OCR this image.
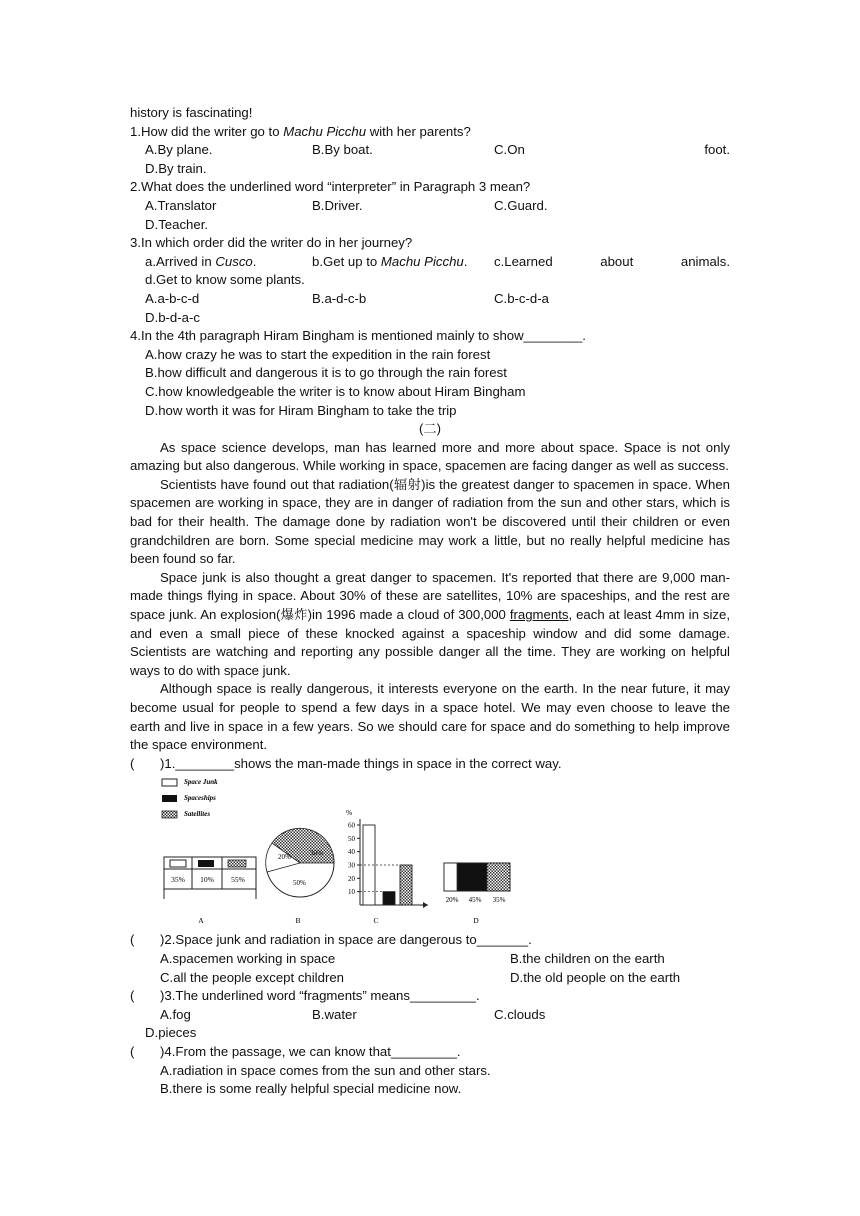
history is fascinating!
1.How did the writer go to Machu Picchu with her parents?
A.By plane.	B.By boat.	C.On	foot.
D.By train.
2.What does the underlined word “interpreter” in Paragraph 3 mean?
A.Translator	B.Driver.	C.Guard.
D.Teacher.
3.In which order did the writer do in her journey?
a.Arrived in Cusco.	b.Get up to Machu Picchu.	c.Learned	about	animals.
d.Get to know some plants.
A.a-b-c-d	B.a-d-c-b	C.b-c-d-a
D.b-d-a-c
4.In the 4th paragraph Hiram Bingham is mentioned mainly to show________.
A.how crazy he was to start the expedition in the rain forest
B.how difficult and dangerous it is to go through the rain forest
C.how knowledgeable the writer is to know about Hiram Bingham
D.how worth it was for Hiram Bingham to take the trip
(二)
As space science develops, man has learned more and more about space. Space is not only amazing but also dangerous. While working in space, spacemen are facing danger as well as success.
Scientists have found out that radiation(辐射)is the greatest danger to spacemen in space. When spacemen are working in space, they are in danger of radiation from the sun and other stars, which is bad for their health. The damage done by radiation won't be discovered until their children or even grandchildren are born. Some special medicine may work a little, but no really helpful medicine has been found so far.
Space junk is also thought a great danger to spacemen. It's reported that there are 9,000 man-made things flying in space. About 30% of these are satellites, 10% are spaceships, and the rest are space junk. An explosion(爆炸)in 1996 made a cloud of 300,000 fragments, each at least 4mm in size, and even a small piece of these knocked against a spaceship window and did some damage. Scientists are watching and reporting any possible danger all the time. They are working on helpful ways to do with space junk.
Although space is really dangerous, it interests everyone on the earth. In the near future, it may become usual for people to spend a few days in a space hotel. We may even choose to leave the earth and live in space in a few years. So we should care for space and do something to help improve the space environment.
( )1.________shows the man-made things in space in the correct way.
Space Junk
Spaceships
Satellites
35% 10% 55%
A
20%	30%
50%
B
%
60
50
40
30
20
10
C
20% 45% 35%
D
( )2.Space junk and radiation in space are dangerous to_______.
A.spacemen working in space	B.the children on the earth
C.all the people except children	D.the old people on the earth
( )3.The underlined word “fragments” means_________.
A.fog	B.water	C.clouds
D.pieces
( )4.From the passage, we can know that_________.
A.radiation in space comes from the sun and other stars.
B.there is some really helpful special medicine now.
